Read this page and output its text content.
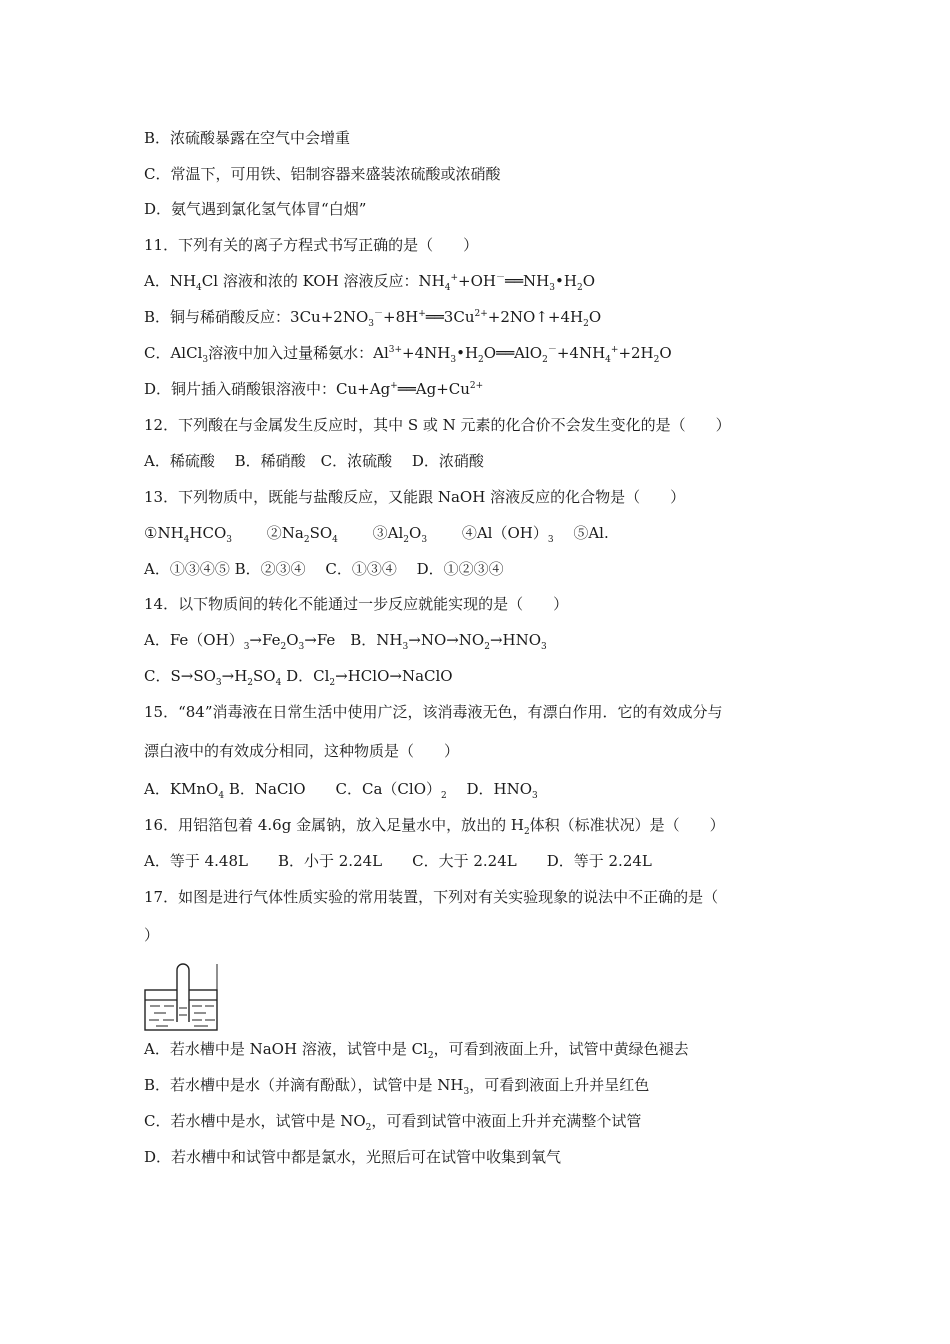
B．浓硫酸暴露在空气中会增重
C．常温下，可用铁、铝制容器来盛装浓硫酸或浓硝酸
D．氨气遇到氯化氢气体冒“白烟”
11．下列有关的离子方程式书写正确的是（　　）
A．$NH_4Cl$ 溶液和浓的 KOH 溶液反应：$NH_4^++OH^-══NH_3•H_2O$
B．铜与稀硝酸反应：$3Cu+2NO_3^-+8H^+══3Cu^{2+}+2NO↑+4H_2O$
C．AlCl$_3$溶液中加入过量稀氨水：$Al^{3+}+4NH_3•H_2O══AlO_2^-+4NH_4^++2H_2O$
D．铜片插入硝酸银溶液中：$Cu+Ag^+══Ag+Cu^{2+}$
12．下列酸在与金属发生反应时，其中 S 或 N 元素的化合价不会发生变化的是（　　）
A．稀硫酸　 B．稀硝酸　C．浓硫酸　 D．浓硝酸
13．下列物质中，既能与盐酸反应，又能跟 NaOH 溶液反应的化合物是（　　）
$①NH_4HCO_3$　　 $②Na_2SO_4$　　 $③Al_2O_3$　　 $④Al(OH)_3$　 ⑤Al.
A．①③④⑤ B．②③④　 C．①③④　 D．①②③④
14．以下物质间的转化不能通过一步反应就能实现的是（　　）
A．$Fe(OH)_3\to Fe_2O_3\to Fe$　B．$NH_3\to NO\to NO_2\to HNO_3$
C．$S\to SO_3\to H_2SO_4$ D．$Cl_2\to HClO\to NaClO$
15．“84”消毒液在日常生活中使用广泛，该消毒液无色，有漂白作用．它的有效成分与
漂白液中的有效成分相同，这种物质是（　　）
A．KMnO$_4$ B．NaClO　　C．$Ca(ClO)_2$　 D．$HNO_3$
16．用铝箔包着 4.6g 金属钠，放入足量水中，放出的 $H_2$体积（标准状况）是（　　）
A．等于 4.48L　　B．小于 2.24L　　C．大于 2.24L　　D．等于 2.24L
17．如图是进行气体性质实验的常用装置，下列对有关实验现象的说法中不正确的是（
）
A．若水槽中是 NaOH 溶液，试管中是 $Cl_2$，可看到液面上升，试管中黄绿色褪去
B．若水槽中是水（并滴有酚酞），试管中是 $NH_3$，可看到液面上升并呈红色
C．若水槽中是水，试管中是 $NO_2$，可看到试管中液面上升并充满整个试管
D．若水槽中和试管中都是氯水，光照后可在试管中收集到氧气
